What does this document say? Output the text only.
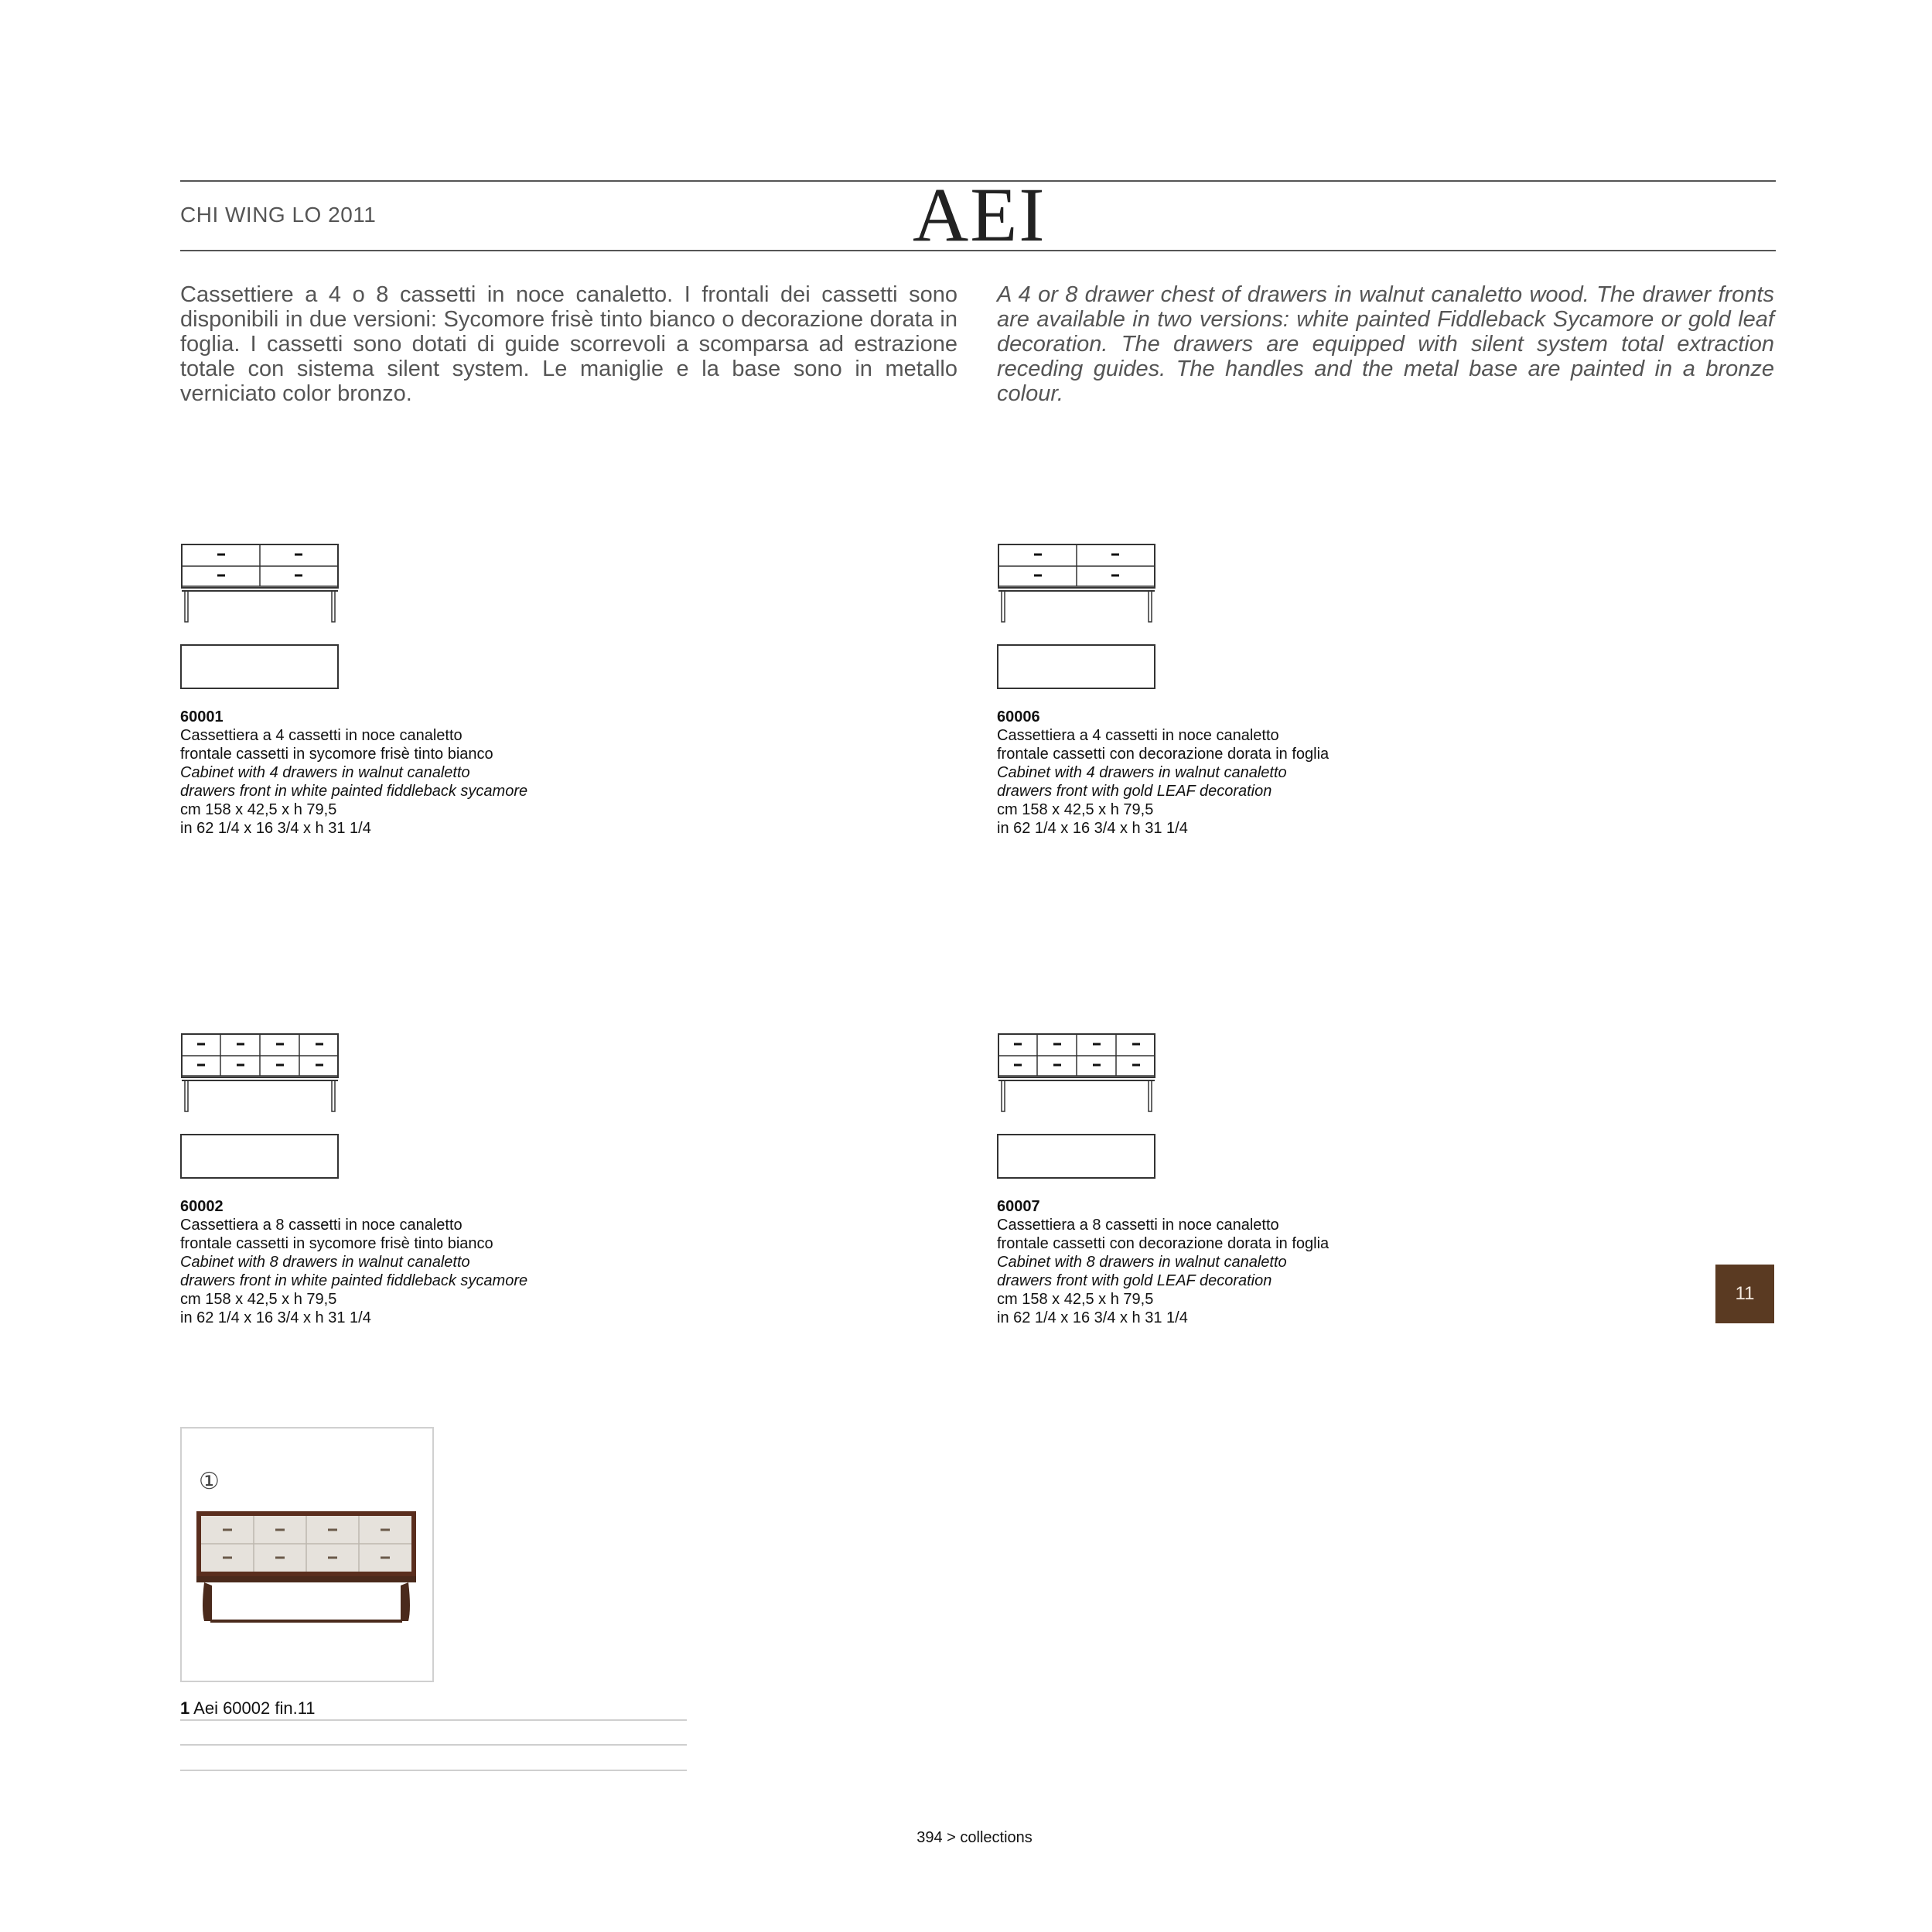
CHI WING LO 2011	AEI
Cassettiere a 4 o 8 cassetti in noce canaletto. I frontali dei cassetti sono disponibili in due versioni: Sycomore frisè tinto bianco o decorazione dorata in foglia. I cassetti sono dotati di guide scorrevoli a scomparsa ad estrazione totale con sistema silent system. Le maniglie e la base sono in metallo verniciato color bronzo.
A 4 or 8 drawer chest of drawers in walnut canaletto wood. The drawer fronts are available in two versions: white painted Fiddleback Sycamore or gold leaf decoration. The drawers are equipped with silent system total extraction receding guides. The handles and the metal base are painted in a bronze colour.
60001
Cassettiera a 4 cassetti in noce canaletto
frontale cassetti in sycomore frisè tinto bianco
Cabinet with 4 drawers in walnut canaletto
drawers front in white painted fiddleback sycamore
cm 158 x 42,5 x h 79,5
in 62 1/4 x 16 3/4 x h 31 1/4
60006
Cassettiera a 4 cassetti in noce canaletto
frontale cassetti con decorazione dorata in foglia
Cabinet with 4 drawers in walnut canaletto
drawers front with gold LEAF decoration
cm 158 x 42,5 x h 79,5
in 62 1/4 x 16 3/4 x h 31 1/4
60002
Cassettiera a 8 cassetti in noce canaletto
frontale cassetti in sycomore frisè tinto bianco
Cabinet with 8 drawers in walnut canaletto
drawers front in white painted fiddleback sycamore
cm 158 x 42,5 x h 79,5
in 62 1/4 x 16 3/4 x h 31 1/4
60007
Cassettiera a 8 cassetti in noce canaletto
frontale cassetti con decorazione dorata in foglia
Cabinet with 8 drawers in walnut canaletto
drawers front with gold LEAF decoration
cm 158 x 42,5 x h 79,5
in 62 1/4 x 16 3/4 x h 31 1/4
11
①
1 Aei 60002 fin.11
394 > collections
